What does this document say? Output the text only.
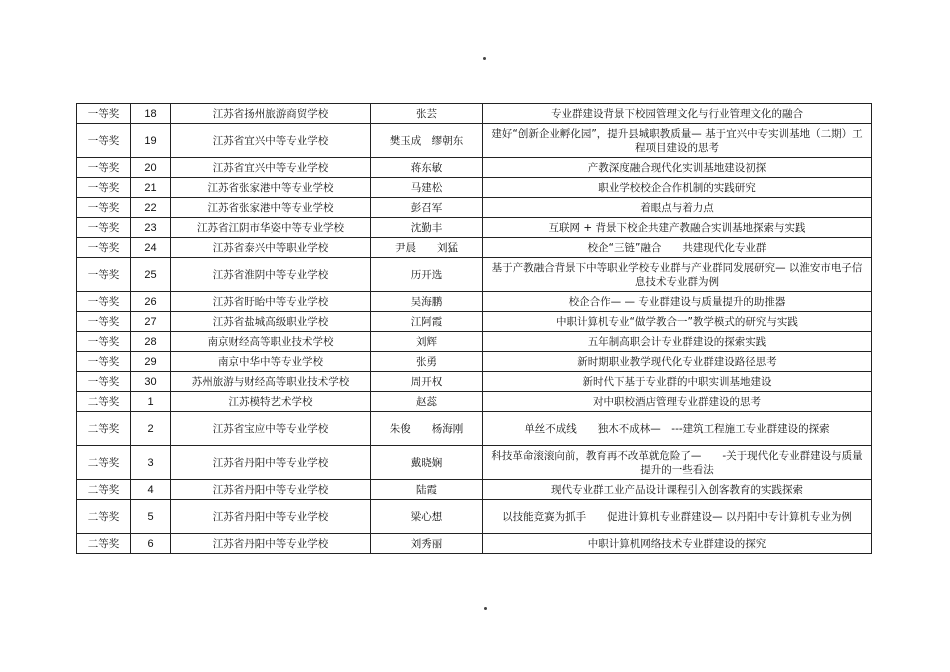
一等奖	18	江苏省扬州旅游商贸学校	张芸	专业群建设背景下校园管理文化与行业管理文化的融合
一等奖	19	江苏省宜兴中等专业学校	樊玉成　缪朝东	建好“创新企业孵化园”，提升县城职教质量— 基于宜兴中专实训基地（二期）工程项目建设的思考
一等奖	20	江苏省宜兴中等专业学校	蒋东敏	产教深度融合现代化实训基地建设初探
一等奖	21	江苏省张家港中等专业学校	马建松	职业学校校企合作机制的实践研究
一等奖	22	江苏省张家港中等专业学校	彭召军	着眼点与着力点
一等奖	23	江苏省江阴市华姿中等专业学校	沈勤丰	互联网 + 背景下校企共建产教融合实训基地探索与实践
一等奖	24	江苏省泰兴中等职业学校	尹晨　　刘猛	校企“三链”融合　　共建现代化专业群
一等奖	25	江苏省淮阴中等专业学校	历开选	基于产教融合背景下中等职业学校专业群与产业群同发展研究— 以淮安市电子信息技术专业群为例
一等奖	26	江苏省盱眙中等专业学校	吴海鹏	校企合作— — 专业群建设与质量提升的助推器
一等奖	27	江苏省盐城高级职业学校	江阿霞	中职计算机专业“做学教合一”教学模式的研究与实践
一等奖	28	南京财经高等职业技术学校	刘辉	五年制高职会计专业群建设的探索实践
一等奖	29	南京中华中等专业学校	张勇	新时期职业教学现代化专业群建设路径思考
一等奖	30	苏州旅游与财经高等职业技术学校	周开权	新时代下基于专业群的中职实训基地建设
二等奖	1	江苏模特艺术学校	赵蕊	对中职校酒店管理专业群建设的思考
二等奖	2	江苏省宝应中等专业学校	朱俊　　杨海刚	单丝不成线　　独木不成林—　---建筑工程施工专业群建设的探索
二等奖	3	江苏省丹阳中等专业学校	戴晓娴	科技革命滚滚向前，教育再不改革就危险了—　　-关于现代化专业群建设与质量提升的一些看法
二等奖	4	江苏省丹阳中等专业学校	陆霞	现代专业群工业产品设计课程引入创客教育的实践探索
二等奖	5	江苏省丹阳中等专业学校	梁心想	以技能竞赛为抓手　　促进计算机专业群建设— 以丹阳中专计算机专业为例
二等奖	6	江苏省丹阳中等专业学校	刘秀丽	中职计算机网络技术专业群建设的探究
